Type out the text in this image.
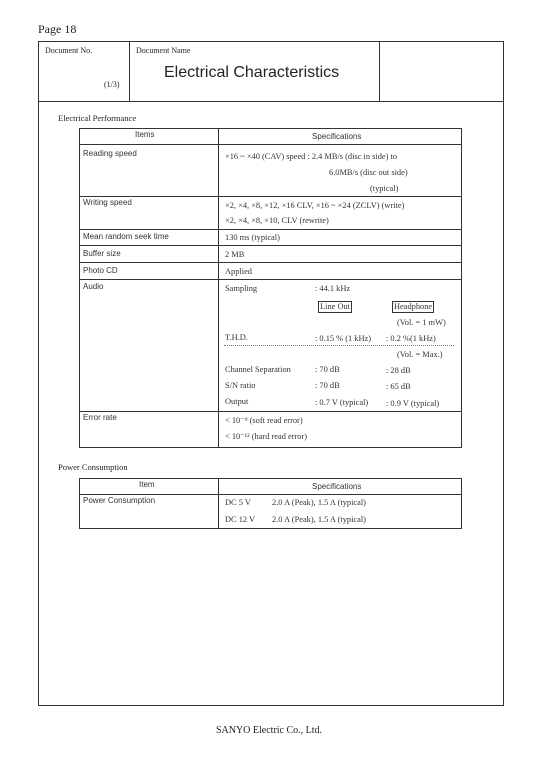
Page 18
Document No.
(1/3)
Document Name
Electrical Characteristics
Electrical Performance
Items	Specifications
Reading speed	×16 ~ ×40 (CAV) speed : 2.4 MB/s (disc in side) to
6.0MB/s (disc out side)
(typical)
Writing speed	×2, ×4, ×8, ×12, ×16 CLV, ×16 ~ ×24 (ZCLV) (write)
×2, ×4, ×8, ×10, CLV (rewrite)
Mean random seek time	130 ms (typical)
Buffer size	2 MB
Photo CD	Applied
Audio	Sampling	: 44.1 kHz
Line Out	Headphone
(Vol. = 1 mW)
T.H.D.	: 0.15 % (1 kHz) : 0.2 %(1 kHz)
(Vol. = Max.)
Channel Separation	: 70 dB	: 28 dB
S/N ratio	: 70 dB	: 65 dB
Output	: 0.7 V (typical) : 0.9 V (typical)
Error rate	< 10⁻⁹ (soft read error)
< 10⁻¹² (hard read error)
Power Consumption
Item	Specifications
Power Consumption	DC 5 V	2.0 A (Peak), 1.5 A (typical)
DC 12 V 2.0 A (Peak), 1.5 A (typical)
SANYO Electric Co., Ltd.
